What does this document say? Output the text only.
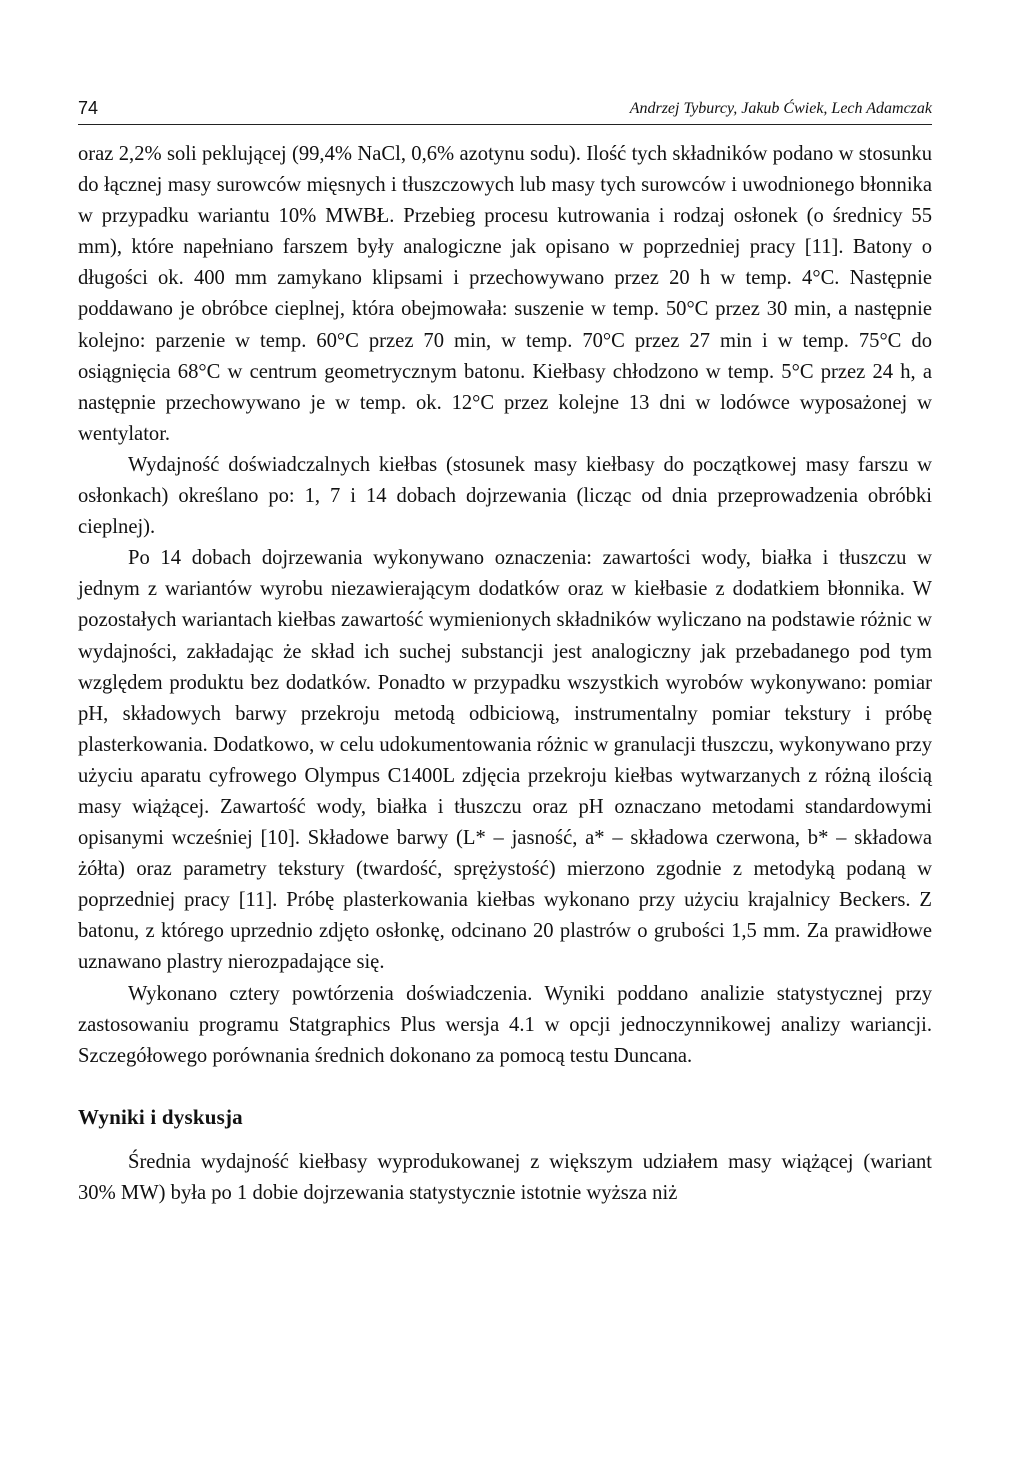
74	Andrzej Tyburcy, Jakub Ćwiek, Lech Adamczak

oraz 2,2% soli peklującej (99,4% NaCl, 0,6% azotynu sodu). Ilość tych składników podano w stosunku do łącznej masy surowców mięsnych i tłuszczowych lub masy tych surowców i uwodnionego błonnika w przypadku wariantu 10% MWBŁ. Przebieg procesu kutrowania i rodzaj osłonek (o średnicy 55 mm), które napełniano farszem były analogiczne jak opisano w poprzedniej pracy [11]. Batony o długości ok. 400 mm zamykano klipsami i przechowywano przez 20 h w temp. 4°C. Następnie poddawano je obróbce cieplnej, która obejmowała: suszenie w temp. 50°C przez 30 min, a następnie kolejno: parzenie w temp. 60°C przez 70 min, w temp. 70°C przez 27 min i w temp. 75°C do osiągnięcia 68°C w centrum geometrycznym batonu. Kiełbasy chłodzono w temp. 5°C przez 24 h, a następnie przechowywano je w temp. ok. 12°C przez kolejne 13 dni w lodówce wyposażonej w wentylator.

Wydajność doświadczalnych kiełbas (stosunek masy kiełbasy do początkowej masy farszu w osłonkach) określano po: 1, 7 i 14 dobach dojrzewania (licząc od dnia przeprowadzenia obróbki cieplnej).

Po 14 dobach dojrzewania wykonywano oznaczenia: zawartości wody, białka i tłuszczu w jednym z wariantów wyrobu niezawierającym dodatków oraz w kiełbasie z dodatkiem błonnika. W pozostałych wariantach kiełbas zawartość wymienionych składników wyliczano na podstawie różnic w wydajności, zakładając że skład ich suchej substancji jest analogiczny jak przebadanego pod tym względem produktu bez dodatków. Ponadto w przypadku wszystkich wyrobów wykonywano: pomiar pH, składowych barwy przekroju metodą odbiciową, instrumentalny pomiar tekstury i próbę plasterkowania. Dodatkowo, w celu udokumentowania różnic w granulacji tłuszczu, wykonywano przy użyciu aparatu cyfrowego Olympus C1400L zdjęcia przekroju kiełbas wytwarzanych z różną ilością masy wiążącej. Zawartość wody, białka i tłuszczu oraz pH oznaczano metodami standardowymi opisanymi wcześniej [10]. Składowe barwy (L* – jasność, a* – składowa czerwona, b* – składowa żółta) oraz parametry tekstury (twardość, sprężystość) mierzono zgodnie z metodyką podaną w poprzedniej pracy [11]. Próbę plasterkowania kiełbas wykonano przy użyciu krajalnicy Beckers. Z batonu, z którego uprzednio zdjęto osłonkę, odcinano 20 plastrów o grubości 1,5 mm. Za prawidłowe uznawano plastry nierozpadające się.

Wykonano cztery powtórzenia doświadczenia. Wyniki poddano analizie statystycznej przy zastosowaniu programu Statgraphics Plus wersja 4.1 w opcji jednoczynnikowej analizy wariancji. Szczegółowego porównania średnich dokonano za pomocą testu Duncana.

Wyniki i dyskusja

Średnia wydajność kiełbasy wyprodukowanej z większym udziałem masy wiążącej (wariant 30% MW) była po 1 dobie dojrzewania statystycznie istotnie wyższa niż
